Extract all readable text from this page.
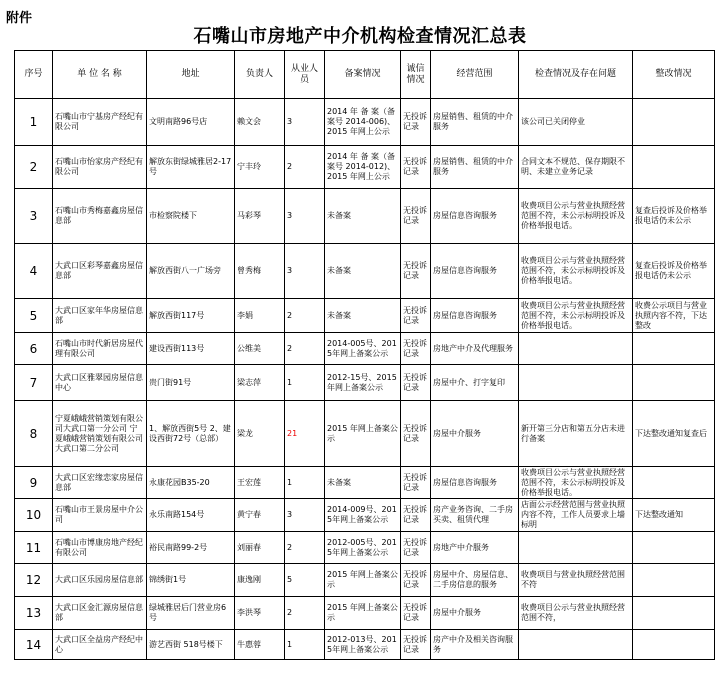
附件
石嘴山市房地产中介机构检查情况汇总表
序号	单 位 名 称	地址	负责人	从业人员	备案情况	诚信情况	经营范围	检查情况及存在问题	整改情况
1	石嘴山市宁基房产经纪有限公司	文明南路96号店	赖文会	3	2014 年 备 案（备案号 2014-006)、2015 年网上公示	无投诉记录	房屋销售、租赁的中介服务	该公司已关闭停业	
2	石嘴山市怡家房产经纪有限公司	解放东街绿城雅居2-17号	宁丰玲	2	2014 年 备 案（备案号 2014-012)、2015 年网上公示	无投诉记录	房屋销售、租赁的中介服务	合同文本不规范、保存期限不明、未建立业务记录	
3	石嘴山市秀梅嘉鑫房屋信息部	市检察院楼下	马彩琴	3	未备案	无投诉记录	房屋信息咨询服务	收费项目公示与营业执照经营范围不符，未公示标明投诉及价格举报电话。	复查后投诉及价格举报电话仍未公示
4	大武口区彩琴嘉鑫房屋信息部	解放西街八一广场旁	曾秀梅	3	未备案	无投诉记录	房屋信息咨询服务	收费项目公示与营业执照经营范围不符，未公示标明投诉及价格举报电话。	复查后投诉及价格举报电话仍未公示
5	大武口区家年华房屋信息部	解放西街117号	李娟	2	未备案	无投诉记录	房屋信息咨询服务	收费项目公示与营业执照经营范围不符，未公示标明投诉及价格举报电话。	收费公示项目与营业执照内容不符，下达整改
6	石嘴山市时代新居房屋代理有限公司	建设西街113号	公维美	2	2014-005号、2015年网上备案公示	无投诉记录	房地产中介及代理服务		
7	大武口区雅翠园房屋信息中心	贵门街91号	梁志萍	1	2012-15号、2015年网上备案公示	无投诉记录	房屋中介、打字复印		
8	宁夏峨峨营销策划有限公司大武口第一分公司 宁夏峨峨营销策划有限公司大武口第二分公司	1、解放西街5号 2、建设西街72号（总部）	梁龙	21	2015 年网上备案公示	无投诉记录	房屋中介服务	新开第三分店和第五分店未进行备案	下达整改通知复查后
9	大武口区宏缘恋家房屋信息部	永康花园B35-20	王宏莲	1	未备案	无投诉记录	房屋信息咨询服务	收费项目公示与营业执照经营范围不符，未公示标明投诉及价格举报电话。	
10	石嘴山市王景房屋中介公司	永乐南路154号	黄宁春	3	2014-009号、2015年网上备案公示	无投诉记录	房产业务咨询、二手房买卖、租赁代理	店面公示经营范围与营业执照内容不符，工作人员要求上墙标明	下达整改通知
11	石嘴山市博康房地产经纪有限公司	裕民南路99-2号	刘丽春	2	2012-005号、2015年网上备案公示	无投诉记录	房地产中介服务		
12	大武口区乐园房屋信息部	锦绣街1号	康逸刚	5	2015 年网上备案公示	无投诉记录	房屋中介、房屋信息、二手房信息的服务	收费项目与营业执照经营范围不符	
13	大武口区金汇源房屋信息部	绿城雅居后门营业房6号	李洪琴	2	2015 年网上备案公示	无投诉记录	房屋中介服务	收费项目公示与营业执照经营范围不符，	
14	大武口区全益房产经纪中心	游艺西街 518号楼下	牛惠蓉	1	2012-013号、2015年网上备案公示	无投诉记录	房产中介及相关咨询服务		
